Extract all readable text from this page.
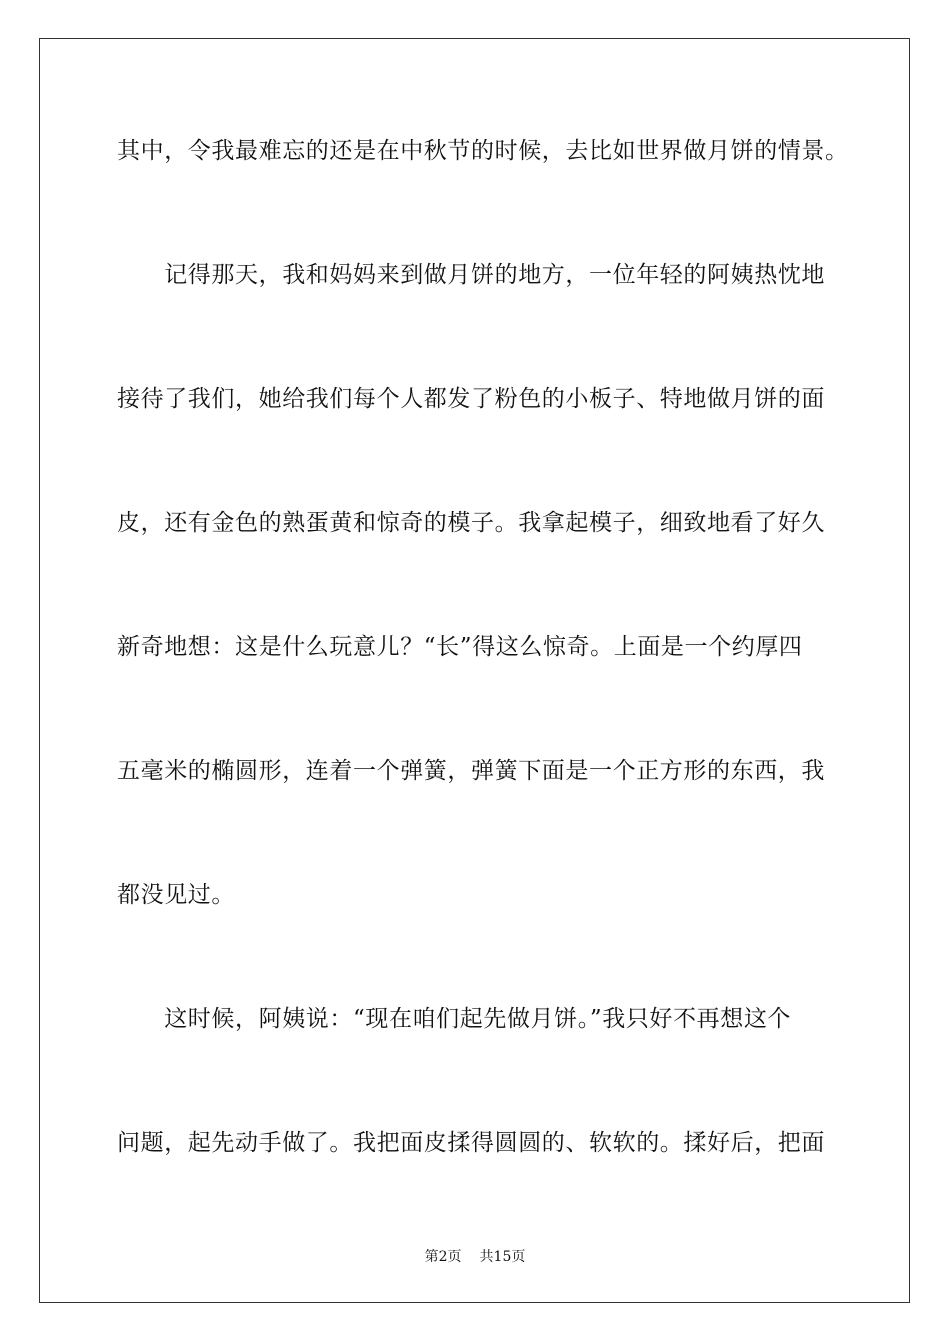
其中，令我最难忘的还是在中秋节的时候，去比如世界做月饼的情景。
　　记得那天，我和妈妈来到做月饼的地方，一位年轻的阿姨热忱地
接待了我们，她给我们每个人都发了粉色的小板子、特地做月饼的面
皮，还有金色的熟蛋黄和惊奇的模子。我拿起模子，细致地看了好久
新奇地想：这是什么玩意儿？“长”得这么惊奇。上面是一个约厚四
五毫米的椭圆形，连着一个弹簧，弹簧下面是一个正方形的东西，我
都没见过。
　　这时候，阿姨说：“现在咱们起先做月饼。”我只好不再想这个
问题，起先动手做了。我把面皮揉得圆圆的、软软的。揉好后，把面
第2页 共15页
